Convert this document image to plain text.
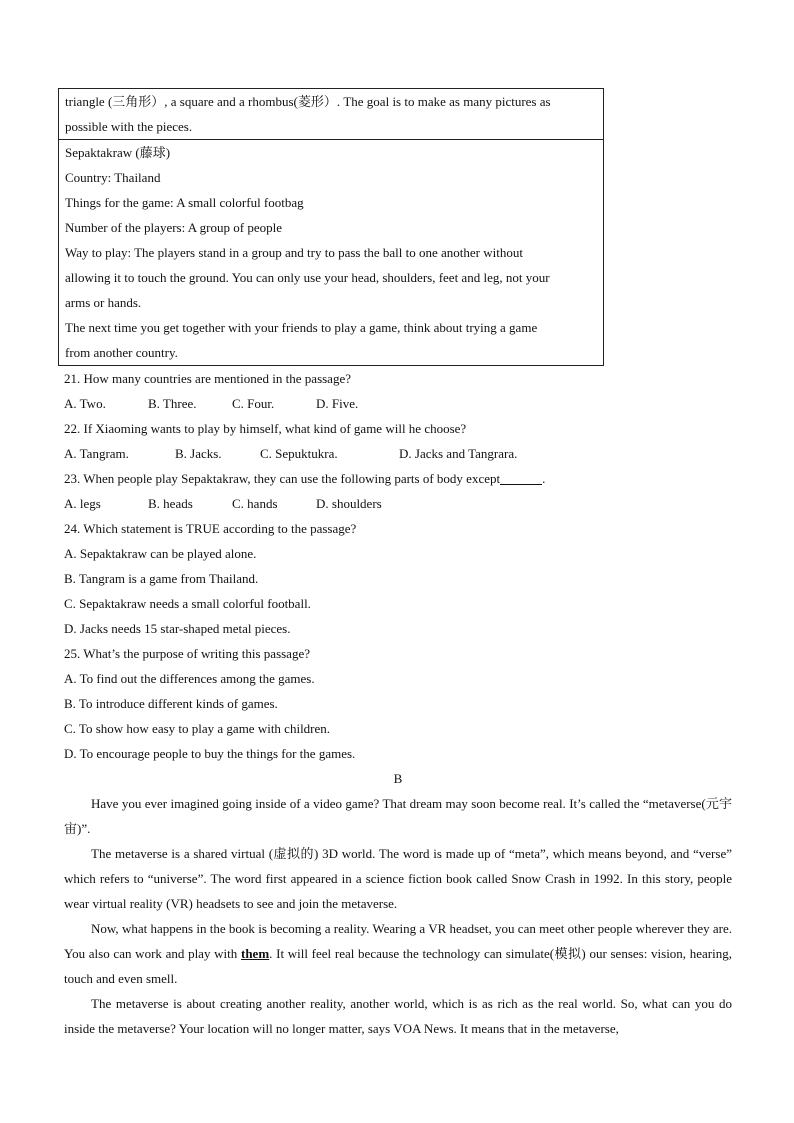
triangle (三角形）, a square and a rhombus(菱形）. The goal is to make as many pictures as
possible with the pieces.

Sepaktakraw (藤球)
Country: Thailand
Things for the game: A small colorful footbag
Number of the players: A group of people
Way to play: The players stand in a group and try to pass the ball to one another without
allowing it to touch the ground. You can only use your head, shoulders, feet and leg, not your
arms or hands.
The next time you get together with your friends to play a game, think about trying a game
from another country.
21. How many countries are mentioned in the passage?
A. Two.	B. Three.	C. Four.	D. Five.
22. If Xiaoming wants to play by himself, what kind of game will he choose?
A. Tangram.	B. Jacks.	C. Sepuktukra.	D. Jacks and Tangrara.
23. When people play Sepaktakraw, they can use the following parts of body except	.
A. legs	B. heads	C. hands	D. shoulders
24. Which statement is TRUE according to the passage?
A. Sepaktakraw can be played alone.
B. Tangram is a game from Thailand.
C. Sepaktakraw needs a small colorful football.
D. Jacks needs 15 star-shaped metal pieces.
25. What’s the purpose of writing this passage?
A. To find out the differences among the games.
B. To introduce different kinds of games.
C. To show how easy to play a game with children.
D. To encourage people to buy the things for the games.
B

Have you ever imagined going inside of a video game? That dream may soon become real. It’s called the “metaverse(元宇宙)”.

The metaverse is a shared virtual (虚拟的) 3D world. The word is made up of “meta”, which means beyond, and “verse” which refers to “universe”. The word first appeared in a science fiction book called Snow Crash in 1992. In this story, people wear virtual reality (VR) headsets to see and join the metaverse.

Now, what happens in the book is becoming a reality. Wearing a VR headset, you can meet other people wherever they are. You also can work and play with them. It will feel real because the technology can simulate(模拟) our senses: vision, hearing, touch and even smell.

The metaverse is about creating another reality, another world, which is as rich as the real world. So, what can you do inside the metaverse? Your location will no longer matter, says VOA News. It means that in the metaverse,
